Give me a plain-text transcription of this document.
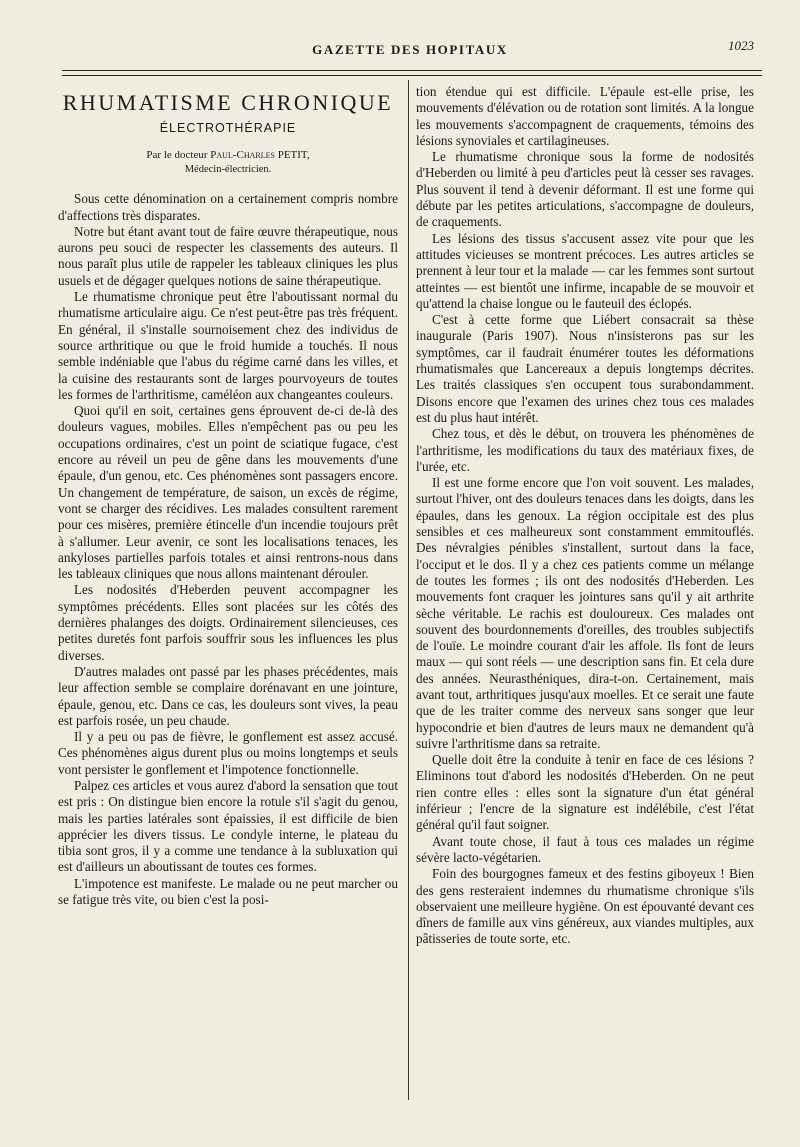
GAZETTE DES HOPITAUX	1023
RHUMATISME CHRONIQUE
ÉLECTROTHÉRAPIE
Par le docteur Paul-Charles PETIT,
Médecin-électricien.

Sous cette dénomination on a certainement compris nombre d'affections très disparates.

Notre but étant avant tout de faire œuvre thérapeutique, nous aurons peu souci de respecter les classements des auteurs. Il nous paraît plus utile de rappeler les tableaux cliniques les plus usuels et de dégager quelques notions de saine thérapeutique.

Le rhumatisme chronique peut être l'aboutissant normal du rhumatisme articulaire aigu. Ce n'est peut-être pas très fréquent. En général, il s'installe sournoisement chez des individus de source arthritique ou que le froid humide a touchés. Il nous semble indéniable que l'abus du régime carné dans les villes, et la cuisine des restaurants sont de larges pourvoyeurs de toutes les formes de l'arthritisme, caméléon aux changeantes couleurs.

Quoi qu'il en soit, certaines gens éprouvent de-ci de-là des douleurs vagues, mobiles. Elles n'empêchent pas ou peu les occupations ordinaires, c'est un point de sciatique fugace, c'est encore au réveil un peu de gêne dans les mouvements d'une épaule, d'un genou, etc. Ces phénomènes sont passagers encore. Un changement de température, de saison, un excès de régime, vont se charger des récidives. Les malades consultent rarement pour ces misères, première étincelle d'un incendie toujours prêt à s'allumer. Leur avenir, ce sont les localisations tenaces, les ankyloses partielles parfois totales et ainsi rentrons-nous dans les tableaux cliniques que nous allons maintenant dérouler.

Les nodosités d'Heberden peuvent accompagner les symptômes précédents. Elles sont placées sur les côtés des dernières phalanges des doigts. Ordinairement silencieuses, ces petites duretés font parfois souffrir sous les influences les plus diverses.

D'autres malades ont passé par les phases précédentes, mais leur affection semble se complaire dorénavant en une jointure, épaule, genou, etc. Dans ce cas, les douleurs sont vives, la peau est parfois rosée, un peu chaude.

Il y a peu ou pas de fièvre, le gonflement est assez accusé. Ces phénomènes aigus durent plus ou moins longtemps et seuls vont persister le gonflement et l'impotence fonctionnelle.

Palpez ces articles et vous aurez d'abord la sensation que tout est pris : On distingue bien encore la rotule s'il s'agit du genou, mais les parties latérales sont épaissies, il est difficile de bien apprécier les divers tissus. Le condyle interne, le plateau du tibia sont gros, il y a comme une tendance à la subluxation qui est d'ailleurs un aboutissant de toutes ces formes.

L'impotence est manifeste. Le malade ou ne peut marcher ou se fatigue très vite, ou bien c'est la posi-

tion étendue qui est difficile. L'épaule est-elle prise, les mouvements d'élévation ou de rotation sont limités. A la longue les mouvements s'accompagnent de craquements, témoins des lésions synoviales et cartilagineuses.

Le rhumatisme chronique sous la forme de nodosités d'Heberden ou limité à peu d'articles peut là cesser ses ravages. Plus souvent il tend à devenir déformant. Il est une forme qui débute par les petites articulations, s'accompagne de douleurs, de craquements.

Les lésions des tissus s'accusent assez vite pour que les attitudes vicieuses se montrent précoces. Les autres articles se prennent à leur tour et la malade — car les femmes sont surtout atteintes — est bientôt une infirme, incapable de se mouvoir et qu'attend la chaise longue ou le fauteuil des éclopés.

C'est à cette forme que Liébert consacrait sa thèse inaugurale (Paris 1907). Nous n'insisterons pas sur les symptômes, car il faudrait énumérer toutes les déformations rhumatismales que Lancereaux a depuis longtemps décrites. Les traités classiques s'en occupent tous surabondamment. Disons encore que l'examen des urines chez tous ces malades est du plus haut intérêt.

Chez tous, et dès le début, on trouvera les phénomènes de l'arthritisme, les modifications du taux des matériaux fixes, de l'urée, etc.

Il est une forme encore que l'on voit souvent. Les malades, surtout l'hiver, ont des douleurs tenaces dans les doigts, dans les épaules, dans les genoux. La région occipitale est des plus sensibles et ces malheureux sont constamment emmitouflés. Des névralgies pénibles s'installent, surtout dans la face, l'occiput et le dos. Il y a chez ces patients comme un mélange de toutes les formes ; ils ont des nodosités d'Heberden. Les mouvements font craquer les jointures sans qu'il y ait arthrite sèche véritable. Le rachis est douloureux. Ces malades ont souvent des bourdonnements d'oreilles, des troubles subjectifs de l'ouïe. Le moindre courant d'air les affole. Ils font de leurs maux — qui sont réels — une description sans fin. Et cela dure des années. Neurasthéniques, dira-t-on. Certainement, mais avant tout, arthritiques jusqu'aux moelles. Et ce serait une faute que de les traiter comme des nerveux sans songer que leur hypocondrie et bien d'autres de leurs maux ne demandent qu'à suivre l'arthritisme dans sa retraite.

Quelle doit être la conduite à tenir en face de ces lésions ? Eliminons tout d'abord les nodosités d'Heberden. On ne peut rien contre elles : elles sont la signature d'un état général inférieur ; l'encre de la signature est indélébile, c'est l'état général qu'il faut soigner.

Avant toute chose, il faut à tous ces malades un régime sévère lacto-végétarien.

Foin des bourgognes fameux et des festins giboyeux ! Bien des gens resteraient indemnes du rhumatisme chronique s'ils observaient une meilleure hygiène. On est épouvanté devant ces dîners de famille aux vins généreux, aux viandes multiples, aux pâtisseries de toute sorte, etc.
